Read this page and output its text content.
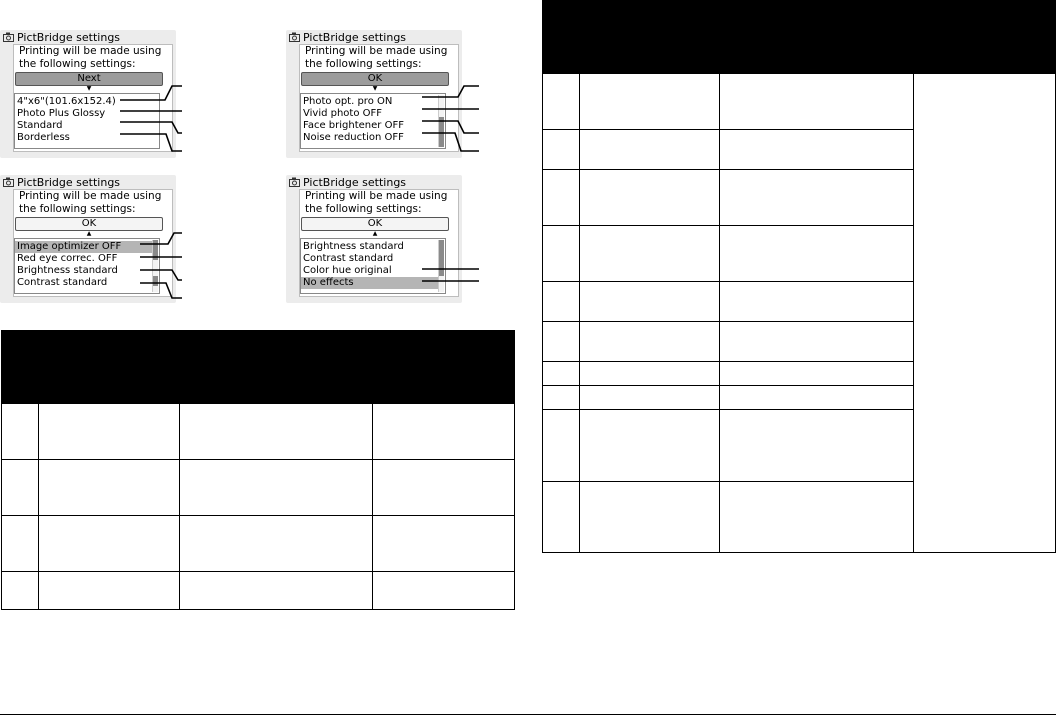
PictBridge settings
Printing will be made using the following settings:
Next
▼
4"x6"(101.6x152.4)
Photo Plus Glossy
Standard
Borderless
PictBridge settings
Printing will be made using the following settings:
OK
▼
Photo opt. pro ON
Vivid photo OFF
Face brightener OFF
Noise reduction OFF
PictBridge settings
Printing will be made using the following settings:
OK
▲
Image optimizer OFF
Red eye correc. OFF
Brightness standard
Contrast standard
PictBridge settings
Printing will be made using the following settings:
OK
▲
Brightness standard
Contrast standard
Color hue original
No effects
